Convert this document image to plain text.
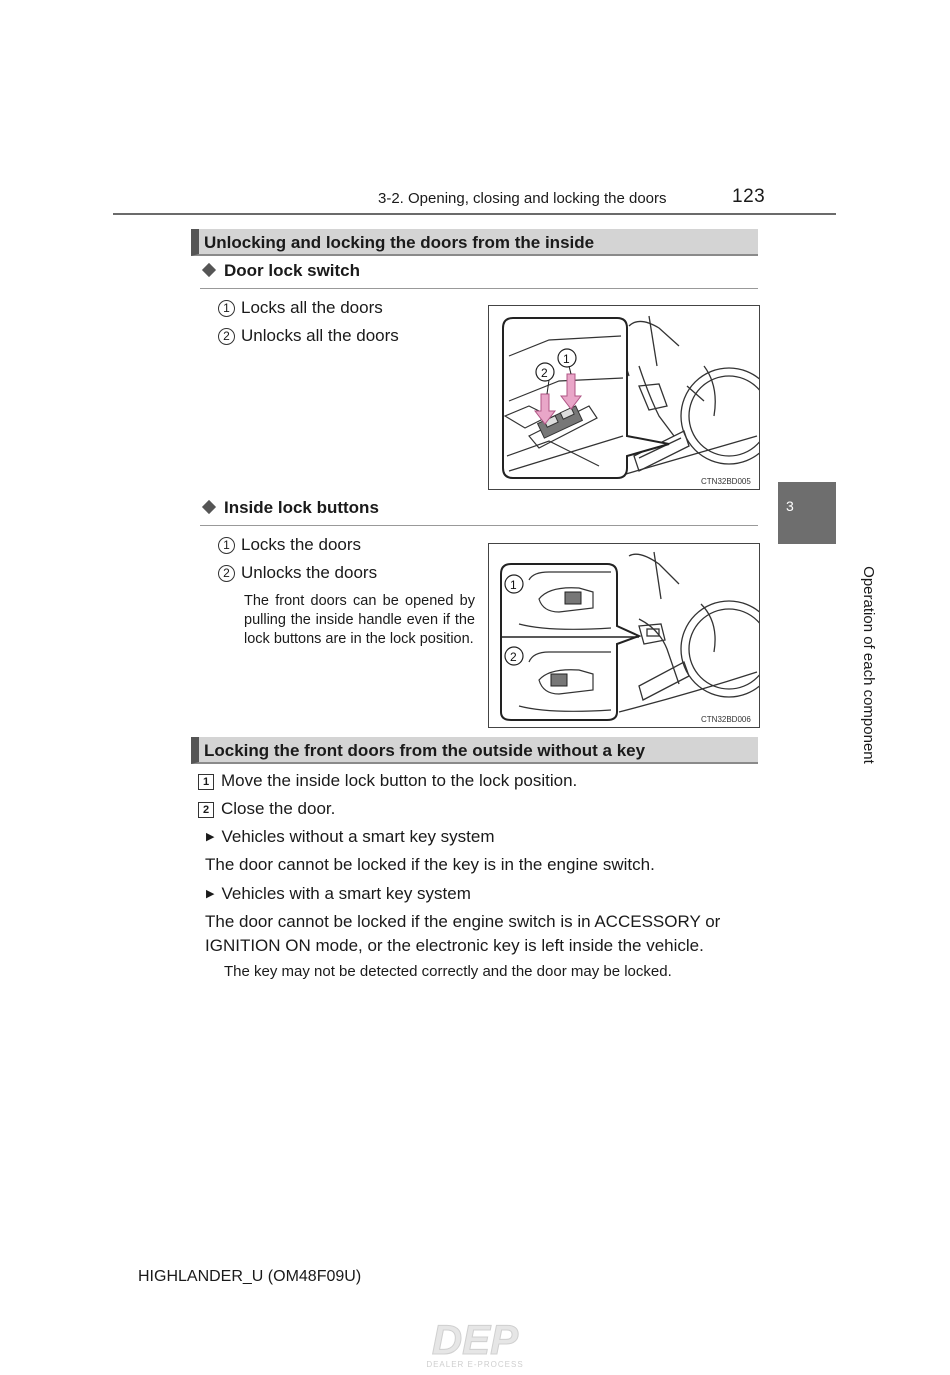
3-2. Opening, closing and locking the doors	123
3
Operation of each component
Unlocking and locking the doors from the inside
Door lock switch
1 Locks all the doors
2 Unlocks all the doors
2
1
CTN32BD005
Inside lock buttons
1 Locks the doors
2 Unlocks the doors
The front doors can be opened by pulling the inside handle even if the lock buttons are in the lock position.
1
2
CTN32BD006
Locking the front doors from the outside without a key
1 Move the inside lock button to the lock position.
2 Close the door.
▶ Vehicles without a smart key system
The door cannot be locked if the key is in the engine switch.
▶ Vehicles with a smart key system
The door cannot be locked if the engine switch is in ACCESSORY or
IGNITION ON mode, or the electronic key is left inside the vehicle.
The key may not be detected correctly and the door may be locked.
HIGHLANDER_U (OM48F09U)
DEP
DEALER E-PROCESS
